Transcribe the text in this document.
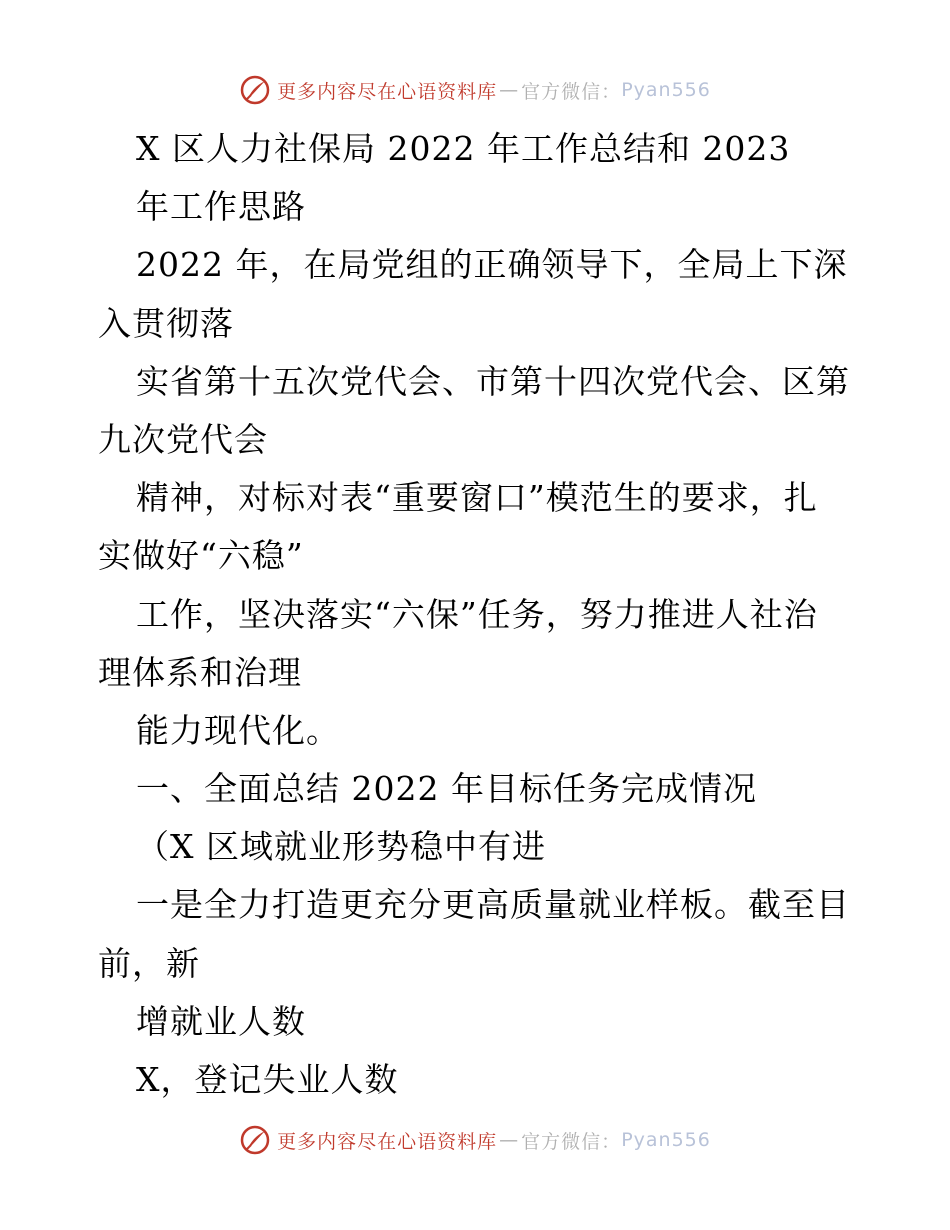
更多内容尽在心语资料库 — 官方微信： Pyan556
X 区人力社保局 2022 年工作总结和 2023
年工作思路
2022 年，在局党组的正确领导下，全局上下深
入贯彻落
实省第十五次党代会、市第十四次党代会、区第
九次党代会
精神，对标对表“重要窗口”模范生的要求，扎
实做好“六稳”
工作，坚决落实“六保”任务，努力推进人社治
理体系和治理
能力现代化。
一、全面总结 2022 年目标任务完成情况
（X 区域就业形势稳中有进
一是全力打造更充分更高质量就业样板。截至目
前，新
增就业人数
X，登记失业人数
更多内容尽在心语资料库 — 官方微信： Pyan556
